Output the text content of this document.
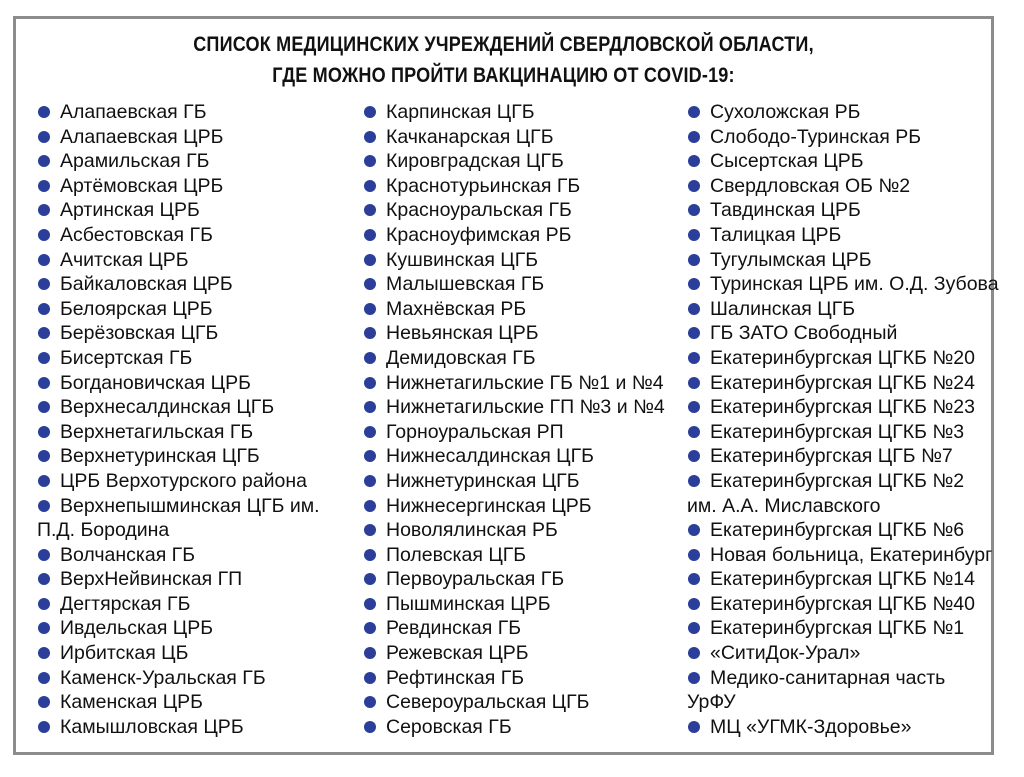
СПИСОК МЕДИЦИНСКИХ УЧРЕЖДЕНИЙ СВЕРДЛОВСКОЙ ОБЛАСТИ,
ГДЕ МОЖНО ПРОЙТИ ВАКЦИНАЦИЮ ОТ COVID-19:
Алапаевская ГБ
Алапаевская ЦРБ
Арамильская ГБ
Артёмовская ЦРБ
Артинская ЦРБ
Асбестовская ГБ
Ачитская ЦРБ
Байкаловская ЦРБ
Белоярская ЦРБ
Берёзовская ЦГБ
Бисертская ГБ
Богдановичская ЦРБ
Верхнесалдинская ЦГБ
Верхнетагильская ГБ
Верхнетуринская ЦГБ
ЦРБ Верхотурского района
Верхнепышминская ЦГБ им.
П.Д. Бородина
Волчанская ГБ
ВерхНейвинская ГП
Дегтярская ГБ
Ивдельская ЦРБ
Ирбитская ЦБ
Каменск-Уральская ГБ
Каменская ЦРБ
Камышловская ЦРБ
Карпинская ЦГБ
Качканарская ЦГБ
Кировградская ЦГБ
Краснотурьинская ГБ
Красноуральская ГБ
Красноуфимская РБ
Кушвинская ЦГБ
Малышевская ГБ
Махнёвская РБ
Невьянская ЦРБ
Демидовская ГБ
Нижнетагильские ГБ №1 и №4
Нижнетагильские ГП №3 и №4
Горноуральская РП
Нижнесалдинская ЦГБ
Нижнетуринская ЦГБ
Нижнесергинская ЦРБ
Новолялинская РБ
Полевская ЦГБ
Первоуральская ГБ
Пышминская ЦРБ
Ревдинская ГБ
Режевская ЦРБ
Рефтинская ГБ
Североуральская ЦГБ
Серовская ГБ
Сухоложская РБ
Слободо-Туринская РБ
Сысертская ЦРБ
Свердловская ОБ №2
Тавдинская ЦРБ
Талицкая ЦРБ
Тугулымская ЦРБ
Туринская ЦРБ им. О.Д. Зубова
Шалинская ЦГБ
ГБ ЗАТО Свободный
Екатеринбургская ЦГКБ №20
Екатеринбургская ЦГКБ №24
Екатеринбургская ЦГКБ №23
Екатеринбургская ЦГКБ №3
Екатеринбургская ЦГБ №7
Екатеринбургская ЦГКБ №2
им. А.А. Миславского
Екатеринбургская ЦГКБ №6
Новая больница, Екатеринбург
Екатеринбургская ЦГКБ №14
Екатеринбургская ЦГКБ №40
Екатеринбургская ЦГКБ №1
«СитиДок-Урал»
Медико-санитарная часть
УрФУ
МЦ «УГМК-Здоровье»
